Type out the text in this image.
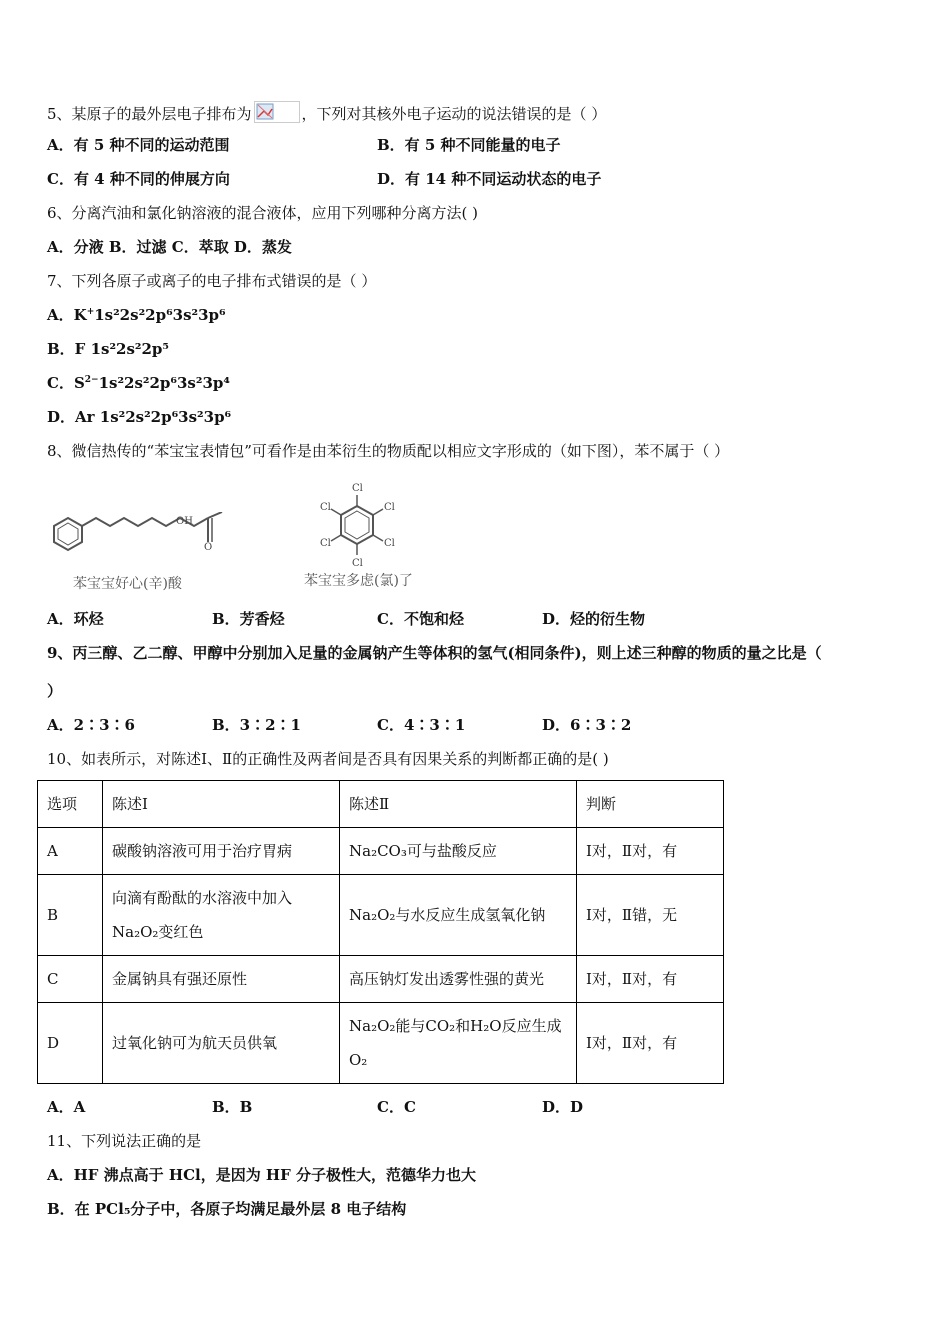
5、某原子的最外层电子排布为	，下列对其核外电子运动的说法错误的是（ ）
A．有 5 种不同的运动范围	B．有 5 种不同能量的电子
C．有 4 种不同的伸展方向	D．有 14 种不同运动状态的电子
6、分离汽油和氯化钠溶液的混合液体，应用下列哪种分离方法( )
A．分液 B．过滤 C．萃取 D．蒸发
7、下列各原子或离子的电子排布式错误的是（ ）
A．K+1s²2s²2p⁶3s²3p⁶
B．F 1s²2s²2p⁵
C．$S^{2-}1s^22s^22p^63s^23p^4$
D．Ar 1s²2s²2p⁶3s²3p⁶
8、微信热传的“苯宝宝表情包”可看作是由苯衍生的物质配以相应文字形成的（如下图），苯不属于（ ）
OH
O
苯宝宝好心(辛)酸
Cl
Cl
Cl
Cl
Cl
Cl
苯宝宝多虑(氯)了
A．环烃	B．芳香烃	C．不饱和烃	D．烃的衍生物
9、丙三醇、乙二醇、甲醇中分别加入足量的金属钠产生等体积的氢气(相同条件)，则上述三种醇的物质的量之比是（
）
A．2∶3∶6	B．3∶2∶1	C．4∶3∶1	D．6∶3∶2
10、如表所示，对陈述Ⅰ、Ⅱ的正确性及两者间是否具有因果关系的判断都正确的是( )
选项	陈述Ⅰ	陈述Ⅱ	判断
A	碳酸钠溶液可用于治疗胃病	Na₂CO₃可与盐酸反应	Ⅰ对，Ⅱ对，有
B	向滴有酚酞的水溶液中加入Na₂O₂变红色	Na₂O₂与水反应生成氢氧化钠	Ⅰ对，Ⅱ错，无
C	金属钠具有强还原性	高压钠灯发出透雾性强的黄光	Ⅰ对，Ⅱ对，有
D	过氧化钠可为航天员供氧	Na₂O₂能与CO₂和H₂O反应生成O₂	Ⅰ对，Ⅱ对，有
A．A	B．B	C．C	D．D
11、下列说法正确的是
A．HF 沸点高于 HCl，是因为 HF 分子极性大，范德华力也大
B．在 PCl₅分子中，各原子均满足最外层 8 电子结构
